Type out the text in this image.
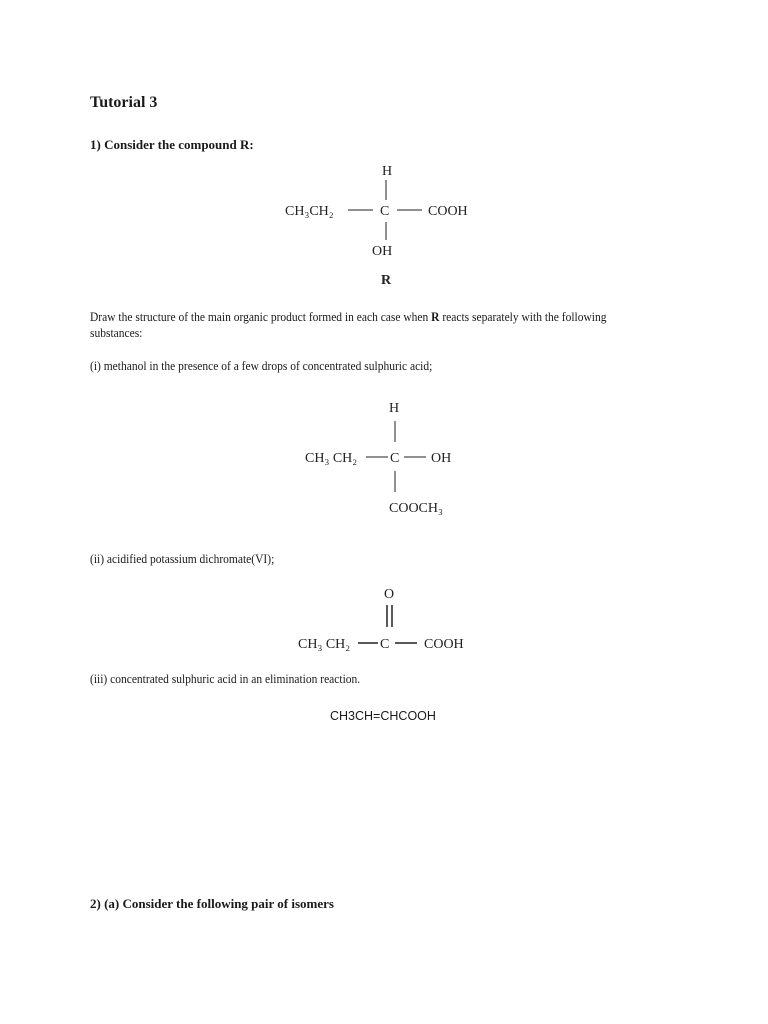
Tutorial 3
1) Consider the compound R:
H
CH₃CH₂	C	COOH
OH
R
Draw the structure of the main organic product formed in each case when R reacts separately with the following substances:
(i) methanol in the presence of a few drops of concentrated sulphuric acid;
H
CH₃ CH₂ C OH
COOCH₃
(ii) acidified potassium dichromate(VI);
O
CH₃ CH₂ C COOH
(iii) concentrated sulphuric acid in an elimination reaction.
CH3CH=CHCOOH
2) (a) Consider the following pair of isomers
